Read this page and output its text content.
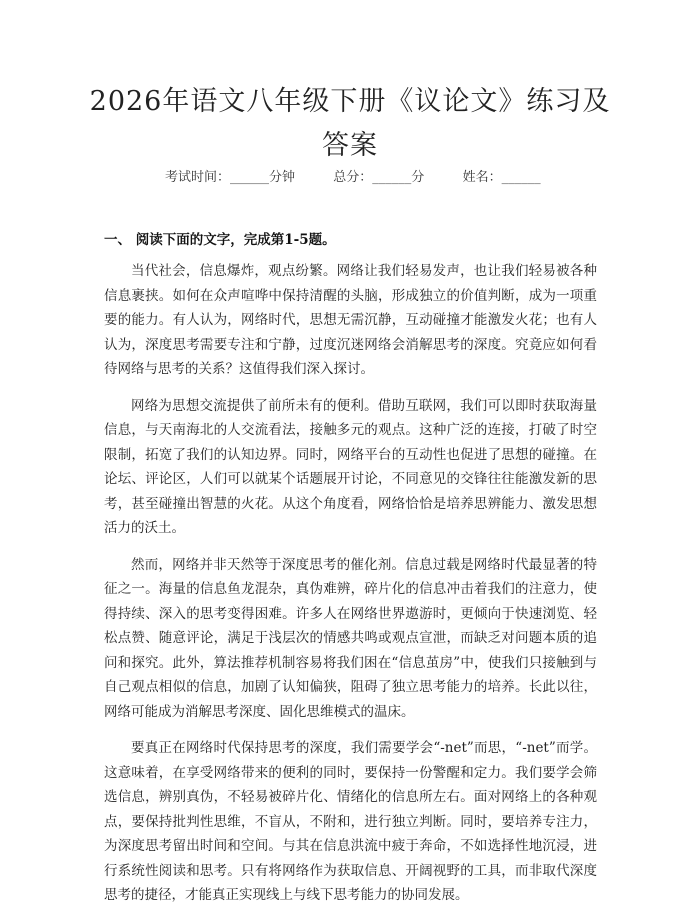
2026年语文八年级下册《议论文》练习及答案
考试时间：______分钟	总分：______分	姓名：______
一、 阅读下面的文字，完成第1-5题。

当代社会，信息爆炸，观点纷繁。网络让我们轻易发声，也让我们轻易被各种信息裹挟。如何在众声喧哗中保持清醒的头脑，形成独立的价值判断，成为一项重要的能力。有人认为，网络时代，思想无需沉静，互动碰撞才能激发火花；也有人认为，深度思考需要专注和宁静，过度沉迷网络会消解思考的深度。究竟应如何看待网络与思考的关系？这值得我们深入探讨。

网络为思想交流提供了前所未有的便利。借助互联网，我们可以即时获取海量信息，与天南海北的人交流看法，接触多元的观点。这种广泛的连接，打破了时空限制，拓宽了我们的认知边界。同时，网络平台的互动性也促进了思想的碰撞。在论坛、评论区，人们可以就某个话题展开讨论，不同意见的交锋往往能激发新的思考，甚至碰撞出智慧的火花。从这个角度看，网络恰恰是培养思辨能力、激发思想活力的沃土。

然而，网络并非天然等于深度思考的催化剂。信息过载是网络时代最显著的特征之一。海量的信息鱼龙混杂，真伪难辨，碎片化的信息冲击着我们的注意力，使得持续、深入的思考变得困难。许多人在网络世界遨游时，更倾向于快速浏览、轻松点赞、随意评论，满足于浅层次的情感共鸣或观点宣泄，而缺乏对问题本质的追问和探究。此外，算法推荐机制容易将我们困在“信息茧房”中，使我们只接触到与自己观点相似的信息，加剧了认知偏狭，阻碍了独立思考能力的培养。长此以往，网络可能成为消解思考深度、固化思维模式的温床。

要真正在网络时代保持思考的深度，我们需要学会“-net”而思，“-net”而学。这意味着，在享受网络带来的便利的同时，要保持一份警醒和定力。我们要学会筛选信息，辨别真伪，不轻易被碎片化、情绪化的信息所左右。面对网络上的各种观点，要保持批判性思维，不盲从，不附和，进行独立判断。同时，要培养专注力，为深度思考留出时间和空间。与其在信息洪流中疲于奔命，不如选择性地沉浸，进行系统性阅读和思考。只有将网络作为获取信息、开阔视野的工具，而非取代深度思考的捷径，才能真正实现线上与线下思考能力的协同发展。
